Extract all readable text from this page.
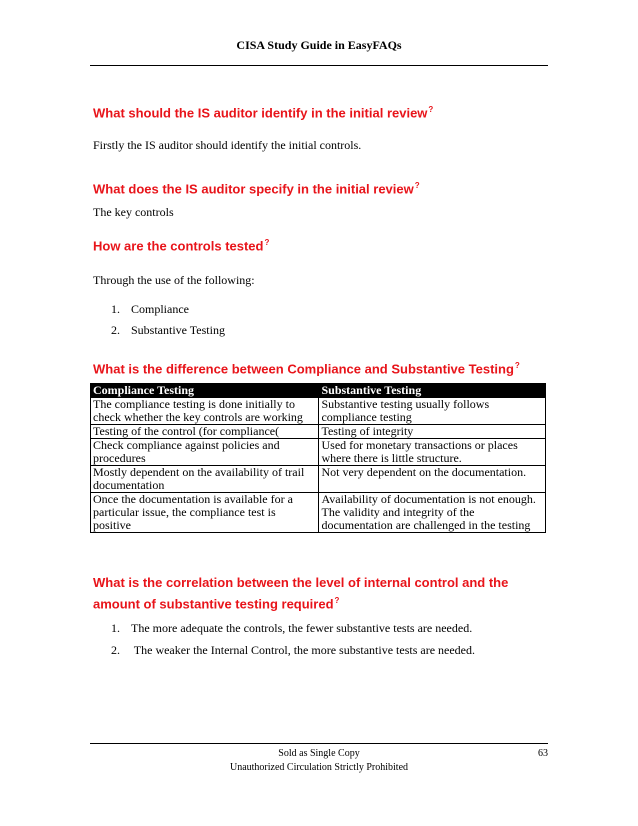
CISA Study Guide in EasyFAQs
What should the IS auditor identify in the initial review?
Firstly the IS auditor should identify the initial controls.
What does the IS auditor specify in the initial review?
The key controls
How are the controls tested?
Through the use of the following:
1. Compliance
2. Substantive Testing
What is the difference between Compliance and Substantive Testing?
Compliance Testing	Substantive Testing
The compliance testing is done initially to check whether the key controls are working	Substantive testing usually follows compliance testing
Testing of the control (for compliance(	Testing of integrity
Check compliance against policies and procedures	Used for monetary transactions or places where there is little structure.
Mostly dependent on the availability of trail documentation	Not very dependent on the documentation.
Once the documentation is available for a particular issue, the compliance test is positive	Availability of documentation is not enough. The validity and integrity of the documentation are challenged in the testing
What is the correlation between the level of internal control and the amount of substantive testing required?
1. The more adequate the controls, the fewer substantive tests are needed.
2. The weaker the Internal Control, the more substantive tests are needed.
Sold as Single Copy
Unauthorized Circulation Strictly Prohibited
63
